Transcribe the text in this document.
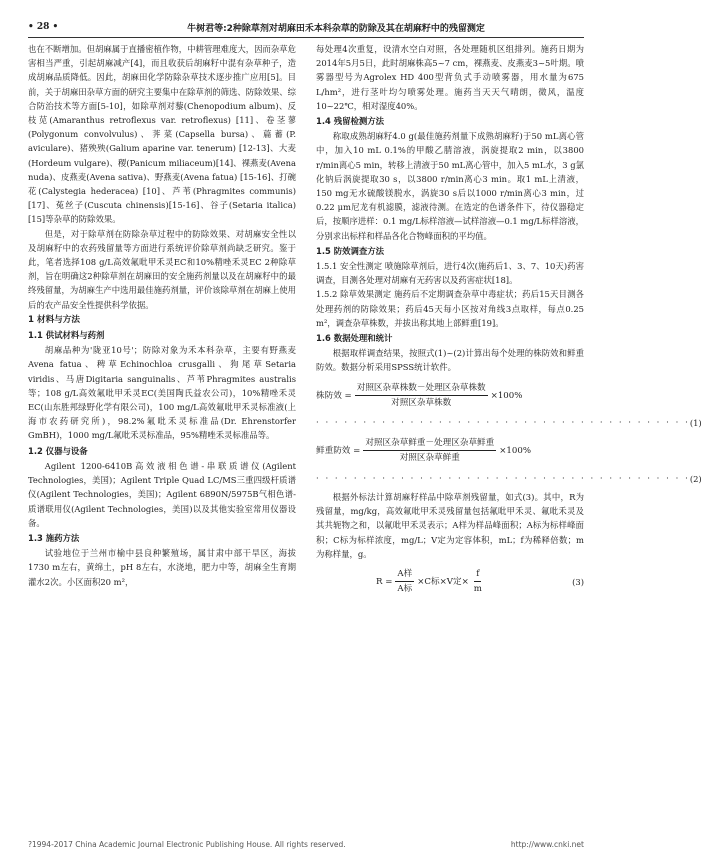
• 28 •	牛树君等:2种除草剂对胡麻田禾本科杂草的防除及其在胡麻籽中的残留测定
也在不断增加。但胡麻属于直播密植作物，中耕管理难度大，因而杂草危害相当严重，引起胡麻减产[4]，而且收获后胡麻籽中混有杂草种子，造成胡麻品质降低。因此，胡麻田化学防除杂草技术逐步推广应用[5]。目前，关于胡麻田杂草方面的研究主要集中在除草剂的筛选、防除效果、综合防治技术等方面[5-10]，如除草剂对藜(Chenopodium album)、反枝苋(Amaranthus retroflexus var. retroflexus) [11]、卷茎蓼(Polygonum convolvulus)、荠菜(Capsella bursa)、萹蓄(P. aviculare)、猪殃殃(Galium aparine var. tenerum) [12-13]、大麦(Hordeum vulgare)、稷(Panicum miliaceum)[14]、裸燕麦(Avena nuda)、皮燕麦(Avena sativa)、野燕麦(Avena fatua) [15-16]、打碗花(Calystegia hederacea) [10]、芦苇(Phragmites communis)[17]、菟丝子(Cuscuta chinensis)[15-16]、谷子(Setaria italica)[15]等杂草的防除效果。
但是，对于除草剂在防除杂草过程中的防除效果、对胡麻安全性以及胡麻籽中的农药残留量等方面进行系统评价除草剂尚缺乏研究。鉴于此，笔者选择108 g/L高效氟吡甲禾灵EC和10%精唑禾灵EC 2种除草剂，旨在明确这2种除草剂在胡麻田的安全施药剂量以及在胡麻籽中的最终残留量，为胡麻生产中选用最佳施药剂量，评价该除草剂在胡麻上使用后的农产品安全性提供科学依据。
1 材料与方法
1.1 供试材料与药剂
胡麻品种为'陇亚10号'；防除对象为禾本科杂草，主要有野燕麦Avena fatua、稗草Echinochloa crusgalli、狗尾草Setaria viridis、马唐Digitaria sanguinalis、芦苇Phragmites australis等；108 g/L高效氟吡甲禾灵EC(美国陶氏益农公司)，10%精唑禾灵EC(山东胜邦绿野化学有限公司)，100 mg/L高效氟吡甲禾灵标准液(上海市农药研究所)，98.2%氟吡禾灵标准品(Dr. Ehrenstorfer GmBH)，1000 mg/L氟吡禾灵标准品，95%精唑禾灵标准品等。
1.2 仪器与设备
Agilent 1200-6410B高效液相色谱-串联质谱仪(Agilent Technologies，美国)；Agilent Triple Quad LC/MS三重四级杆质谱仪(Agilent Technologies，美国)；Agilent 6890N/5975B气相色谱-质谱联用仪(Agilent Technologies，美国)以及其他实验室常用仪器设备。
1.3 施药方法
试验地位于兰州市榆中县良种繁殖场，属甘肃中部干旱区，海拔1730 m左右，黄绵土，pH 8左右，水浇地，肥力中等，胡麻全生育期灌水2次。小区面积20 m²，
每处理4次重复，设清水空白对照，各处理随机区组排列。施药日期为2014年5月5日，此时胡麻株高5~7 cm，裸燕麦、皮燕麦3~5叶期。喷雾器型号为Agrolex HD 400型背负式手动喷雾器，用水量为675 L/hm²，进行茎叶均匀喷雾处理。施药当天天气晴朗，微风，温度10~22℃，相对湿度40%。
1.4 残留检测方法
称取成熟胡麻籽4.0 g(最佳施药剂量下成熟胡麻籽)于50 mL离心管中，加入10 mL 0.1%的甲酸乙腈溶液，涡旋提取2 min，以3800 r/min离心5 min，转移上清液于50 mL离心管中，加入5 mL水，3 g氯化钠后涡旋提取30 s，以3800 r/min离心3 min。取1 mL上清液，150 mg无水硫酸镁脱水，涡旋30 s后以1000 r/min离心3 min，过0.22 μm尼龙有机滤膜，滤液待测。在选定的色谱条件下，待仪器稳定后，按顺序进样：0.1 mg/L标样溶液—试样溶液—0.1 mg/L标样溶液，分别求出标样和样品各化合物峰面积的平均值。
1.5 防效调查方法
1.5.1 安全性测定 喷施除草剂后，进行4次(施药后1、3、7、10天)药害调查，目测各处理对胡麻有无药害以及药害症状[18]。
1.5.2 除草效果测定 施药后不定期调查杂草中毒症状；药后15天目测各处理药剂的防除效果；药后45天每小区按对角线3点取样，每点0.25 m²，调查杂草株数，并拔出称其地上部鲜重[19]。
1.6 数据处理和统计
根据取样调查结果，按照式(1)~(2)计算出每个处理的株防效和鲜重防效。数据分析采用SPSS统计软件。
株防效 = $\frac{\text{对照区杂草株数－处理区杂草株数}}{\text{对照区杂草株数}} \times 100\%$
· · · · · · · · · · · · · · · · · · · · · · · · · · · · · · · · · · · · · · · · (1)
鲜重防效 = $\frac{\text{对照区杂草鲜重－处理区杂草鲜重}}{\text{对照区杂草鲜重}} \times 100\%$
· · · · · · · · · · · · · · · · · · · · · · · · · · · · · · · · · · · · · · · · (2)
根据外标法计算胡麻籽样品中除草剂残留量，如式(3)。其中，R为残留量，mg/kg，高效氟吡甲禾灵残留量包括氟吡甲禾灵、氟吡禾灵及其共轭物之和，以氟吡甲禾灵表示；A样为样品峰面积；A标为标样峰面积；C标为标样浓度，mg/L；V定为定容体积，mL；f为稀释倍数；m为称样量，g。
$R = \frac{\text{A样}}{\text{A标}} \times C$标×V定× $\frac{f}{m}$	(3)
?1994-2017 China Academic Journal Electronic Publishing House. All rights reserved.	http://www.cnki.net
